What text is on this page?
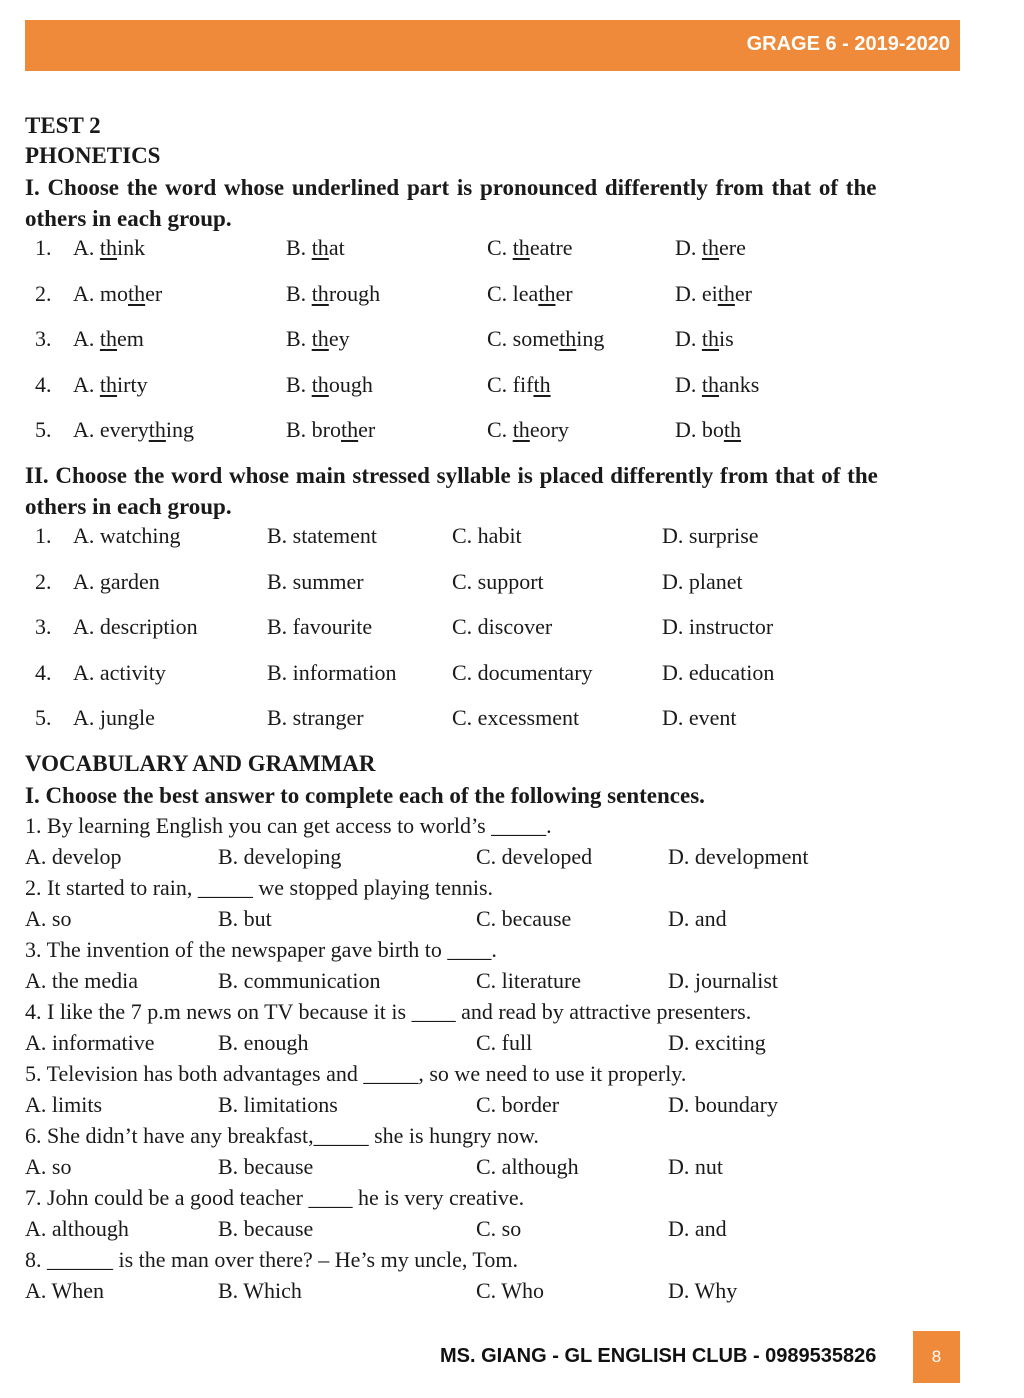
GRAGE 6 - 2019-2020
TEST 2
PHONETICS
I. Choose the word whose underlined part is pronounced differently from that of the
others in each group.
1. A. think	B. that	C. theatre	D. there
2. A. mother	B. through	C. leather	D. either
3. A. them	B. they	C. something	D. this
4. A. thirty	B. though	C. fifth	D. thanks
5. A. everything	B. brother	C. theory	D. both
II. Choose the word whose main stressed syllable is placed differently from that of the
others in each group.
1. A. watching	B. statement	C. habit	D. surprise
2. A. garden	B. summer	C. support	D. planet
3. A. description	B. favourite	C. discover	D. instructor
4. A. activity	B. information	C. documentary	D. education
5. A. jungle	B. stranger	C. excessment	D. event
VOCABULARY AND GRAMMAR
I. Choose the best answer to complete each of the following sentences.
1. By learning English you can get access to world’s _____.
A. develop	B. developing	C. developed	D. development
2. It started to rain, _____ we stopped playing tennis.
A. so	B. but	C. because	D. and
3. The invention of the newspaper gave birth to ____.
A. the media	B. communication	C. literature	D. journalist
4. I like the 7 p.m news on TV because it is ____ and read by attractive presenters.
A. informative	B. enough	C. full	D. exciting
5. Television has both advantages and _____, so we need to use it properly.
A. limits	B. limitations	C. border	D. boundary
6. She didn’t have any breakfast,_____ she is hungry now.
A. so	B. because	C. although	D. nut
7. John could be a good teacher ____ he is very creative.
A. although	B. because	C. so	D. and
8. ______ is the man over there? – He’s my uncle, Tom.
A. When	B. Which	C. Who	D. Why
MS. GIANG - GL ENGLISH CLUB - 0989535826	8
